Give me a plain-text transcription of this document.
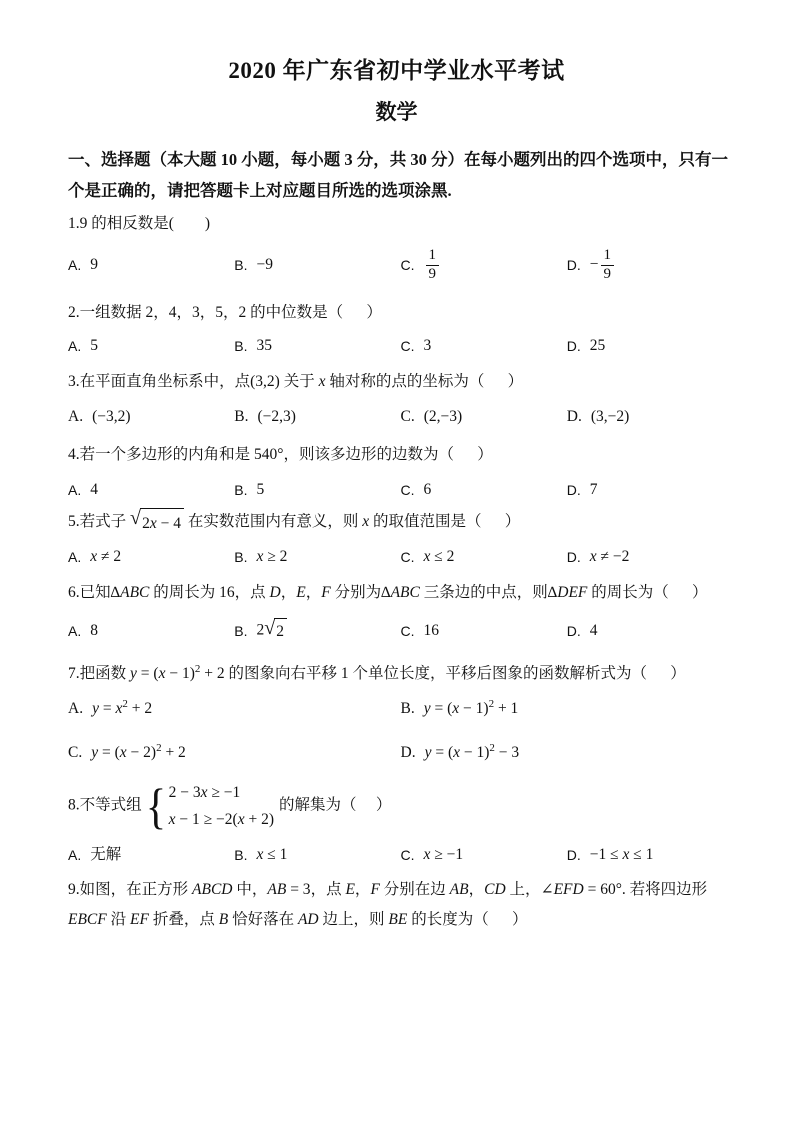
2020 年广东省初中学业水平考试
数学
一、选择题（本大题 10 小题，每小题 3 分，共 30 分）在每小题列出的四个选项中，只有一
个是正确的，请把答题卡上对应题目所选的选项涂黑.
1.9 的相反数是(        )
A. 9	B. −9	C. $\frac{1}{9}$	D. − $\frac{1}{9}$
2.一组数据 2，4，3，5，2 的中位数是（      ）
A. 5	B. 35	C. 3	D. 25
3.在平面直角坐标系中，点(3,2) 关于 x 轴对称的点的坐标为（      ）
A. (−3,2)	B. (−2,3)	C. (2,−3)	D. (3,−2)
4.若一个多边形的内角和是 540°，则该多边形的边数为（      ）
A. 4	B. 5	C. 6	D. 7
5.若式子 √ 2x − 4 在实数范围内有意义，则 x 的取值范围是（      ）
A. x ≠ 2	B. x ≥ 2	C. x ≤ 2	D. x ≠ −2
6.已知∆ABC 的周长为 16，点 D，E，F 分别为∆ABC 三条边的中点，则∆DEF 的周长为（      ）
A. 8	B. 2 √ 2	C. 16	D. 4
7.把函数 $y = (x - 1)^2 + 2$ 的图象向右平移 1 个单位长度，平移后图象的函数解析式为（      ）
A. $y = x^2 + 2$	B. $y = (x - 1)^2 + 1$
C. $y = (x - 2)^2 + 2$	D. $y = (x - 1)^2 - 3$
8.不等式组 { 2 − 3x ≥ −1
x − 1 ≥ −2(x + 2)
的解集为（     ）
A. 无解	B. x ≤ 1	C. x ≥ −1	D. −1 ≤ x ≤ 1
9.如图，在正方形 ABCD 中，AB = 3，点 E，F 分别在边 AB，CD 上，∠EFD = 60°. 若将四边形 EBCF 沿 EF 折叠，点 B 恰好落在 AD 边上，则 BE 的长度为（      ）
